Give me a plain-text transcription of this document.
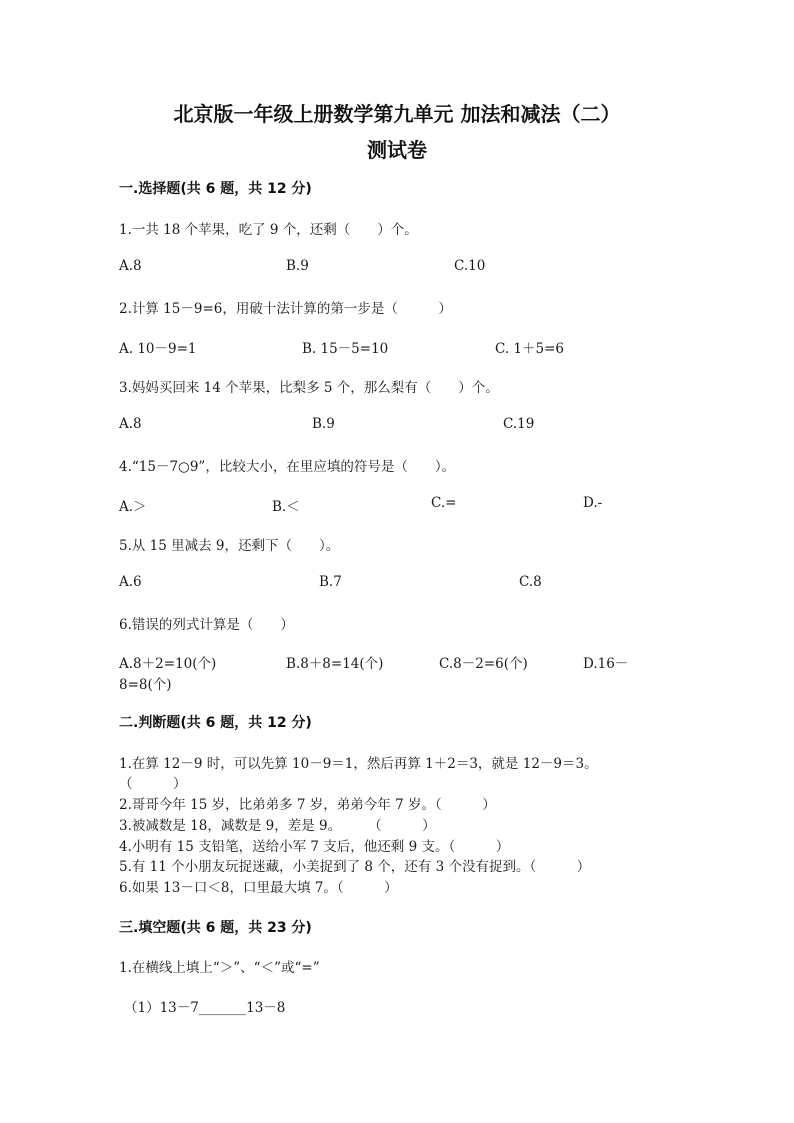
北京版一年级上册数学第九单元 加法和减法（二）
测试卷
一.选择题(共 6 题，共 12 分)
1.一共 18 个苹果，吃了 9 个，还剩（　　）个。
A.8	B.9	C.10
2.计算 15－9=6，用破十法计算的第一步是（　　　）
A. 10－9=1	B. 15－5=10	C. 1＋5=6
3.妈妈买回来 14 个苹果，比梨多 5 个，那么梨有（　　）个。
A.8	B.9	C.19
4.“15－7○9”，比较大小，在里应填的符号是（　　）。
A.＞	B.＜	C.=	D.-
5.从 15 里减去 9，还剩下（　　）。
A.6	B.7	C.8
6.错误的列式计算是（　　）
A.8＋2=10(个)	B.8＋8=14(个)	C.8－2=6(个)	D.16－
8=8(个)
二.判断题(共 6 题，共 12 分)
1.在算 12－9 时，可以先算 10－9＝1，然后再算 1＋2＝3，就是 12－9＝3。
（　　　）
2.哥哥今年 15 岁，比弟弟多 7 岁，弟弟今年 7 岁。（　　　）
3.被减数是 18，减数是 9，差是 9。　　　（　　　）
4.小明有 15 支铅笔，送给小军 7 支后，他还剩 9 支。（　　　）
5.有 11 个小朋友玩捉迷藏，小美捉到了 8 个，还有 3 个没有捉到。（　　　）
6.如果 13－口＜8，口里最大填 7。（　　　）
三.填空题(共 6 题，共 23 分)
1.在横线上填上“＞”、“＜”或“=”
（1）13－7_______13－8
